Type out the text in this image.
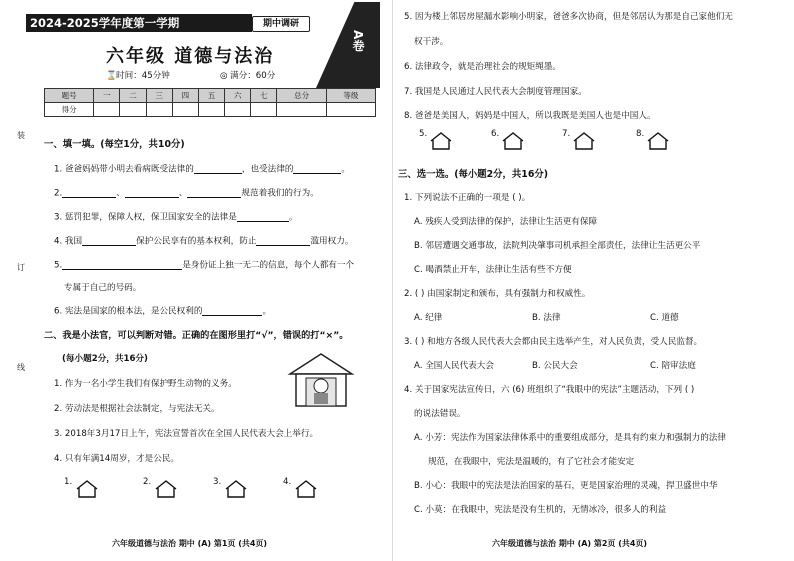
2024-2025学年度第一学期	期中调研
六年级 道德与法治
A卷
⌛ 时间：45分钟	◎ 满分：60分
题号	一	二	三	四	五	六	七	总分	等级
得分									
装
订
线
一、填一填。(每空1分，共10分)
1. 爸爸妈妈带小明去看病既受法律的	，也受法律的	。
2.	、	、	规范着我们的行为。
3. 惩罚犯罪，保障人权，保卫国家安全的法律是	。
4. 我国	保护公民享有的基本权利，防止	滥用权力。
5.	是身份证上独一无二的信息，每个人都有一个
专属于自己的号码。
6. 宪法是国家的根本法，是公民权利的	。
二、我是小法官，可以判断对错。正确的在图形里打“√”，错误的打“×”。
(每小题2分，共16分)
1. 作为一名小学生我们有保护野生动物的义务。
2. 劳动法是根据社会法制定，与宪法无关。
3. 2018年3月17日上午，宪法宣誓首次在全国人民代表大会上举行。
4. 只有年满14周岁，才是公民。
1.	2.	3.	4.
六年级道德与法治 期中 (A) 第1页 (共4页)
5. 因为楼上邻居房屋漏水影响小明家，爸爸多次协商，但是邻居认为那是自己家他们无
权干涉。
6. 法律政令，就是治理社会的规矩绳墨。
7. 我国是人民通过人民代表大会制度管理国家。
8. 爸爸是美国人，妈妈是中国人，所以我既是美国人也是中国人。
5.	6.	7.	8.
三、选一选。(每小题2分，共16分)
1. 下列说法不正确的一项是 ( )。
A. 残疾人受到法律的保护，法律让生活更有保障
B. 邻居遭遇交通事故，法院判决肇事司机承担全部责任，法律让生活更公平
C. 喝酒禁止开车，法律让生活有些不方便
2. ( ) 由国家制定和颁布，具有强制力和权威性。
A. 纪律	B. 法律	C. 道德
3. ( ) 和地方各级人民代表大会都由民主选举产生，对人民负责，受人民监督。
A. 全国人民代表大会	B. 公民大会	C. 陪审法庭
4. 关于国家宪法宣传日，六 (6) 班组织了“我眼中的宪法”主题活动，下列 ( )
的说法错误。
A. 小芳：宪法作为国家法律体系中的重要组成部分，是具有约束力和强制力的法律
规范，在我眼中，宪法是温暖的，有了它社会才能安定
B. 小心：我眼中的宪法是法治国家的基石，更是国家治理的灵魂，捍卫盛世中华
C. 小莫：在我眼中，宪法是没有生机的，无情冰冷，很多人的利益
六年级道德与法治 期中 (A) 第2页 (共4页)
